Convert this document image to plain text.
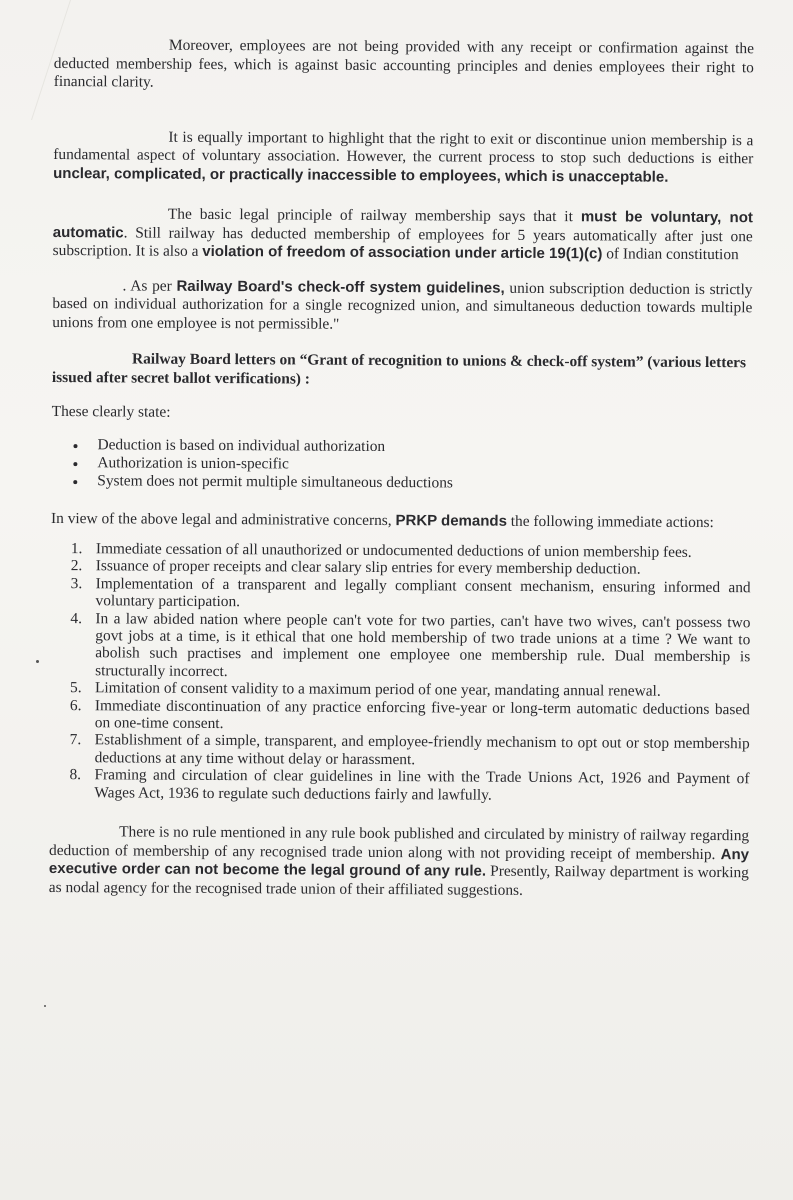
Moreover, employees are not being provided with any receipt or confirmation against the deducted membership fees, which is against basic accounting principles and denies employees their right to financial clarity.

It is equally important to highlight that the right to exit or discontinue union membership is a fundamental aspect of voluntary association. However, the current process to stop such deductions is either unclear, complicated, or practically inaccessible to employees, which is unacceptable.

The basic legal principle of railway membership says that it must be voluntary, not automatic. Still railway has deducted membership of employees for 5 years automatically after just one subscription. It is also a violation of freedom of association under article 19(1)(c) of Indian constitution

. As per Railway Board's check-off system guidelines, union subscription deduction is strictly based on individual authorization for a single recognized union, and simultaneous deduction towards multiple unions from one employee is not permissible."

Railway Board letters on “Grant of recognition to unions & check-off system” (various letters issued after secret ballot verifications) :

These clearly state:

Deduction is based on individual authorization
Authorization is union-specific
System does not permit multiple simultaneous deductions

In view of the above legal and administrative concerns, PRKP demands the following immediate actions:

1. Immediate cessation of all unauthorized or undocumented deductions of union membership fees.
2. Issuance of proper receipts and clear salary slip entries for every membership deduction.
3. Implementation of a transparent and legally compliant consent mechanism, ensuring informed and voluntary participation.
4. In a law abided nation where people can't vote for two parties, can't have two wives, can't possess two govt jobs at a time, is it ethical that one hold membership of two trade unions at a time ? We want to abolish such practises and implement one employee one membership rule. Dual membership is structurally incorrect.
5. Limitation of consent validity to a maximum period of one year, mandating annual renewal.
6. Immediate discontinuation of any practice enforcing five-year or long-term automatic deductions based on one-time consent.
7. Establishment of a simple, transparent, and employee-friendly mechanism to opt out or stop membership deductions at any time without delay or harassment.
8. Framing and circulation of clear guidelines in line with the Trade Unions Act, 1926 and Payment of Wages Act, 1936 to regulate such deductions fairly and lawfully.

There is no rule mentioned in any rule book published and circulated by ministry of railway regarding deduction of membership of any recognised trade union along with not providing receipt of membership. Any executive order can not become the legal ground of any rule. Presently, Railway department is working as nodal agency for the recognised trade union of their affiliated suggestions.
